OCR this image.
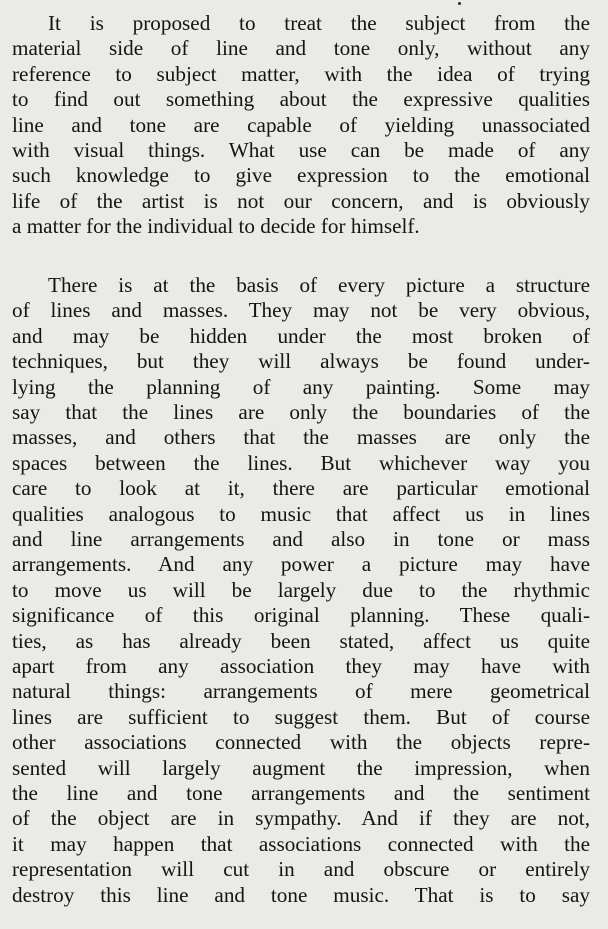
It is proposed to treat the subject from the
material side of line and tone only, without any
reference to subject matter, with the idea of trying
to find out something about the expressive qualities
line and tone are capable of yielding unassociated
with visual things. What use can be made of any
such knowledge to give expression to the emotional
life of the artist is not our concern, and is obviously
a matter for the individual to decide for himself.
There is at the basis of every picture a structure
of lines and masses. They may not be very obvious,
and may be hidden under the most broken of
techniques, but they will always be found under-
lying the planning of any painting. Some may
say that the lines are only the boundaries of the
masses, and others that the masses are only the
spaces between the lines. But whichever way you
care to look at it, there are particular emotional
qualities analogous to music that affect us in lines
and line arrangements and also in tone or mass
arrangements. And any power a picture may have
to move us will be largely due to the rhythmic
significance of this original planning. These quali-
ties, as has already been stated, affect us quite
apart from any association they may have with
natural things: arrangements of mere geometrical
lines are sufficient to suggest them. But of course
other associations connected with the objects repre-
sented will largely augment the impression, when
the line and tone arrangements and the sentiment
of the object are in sympathy. And if they are not,
it may happen that associations connected with the
representation will cut in and obscure or entirely
destroy this line and tone music. That is to say
